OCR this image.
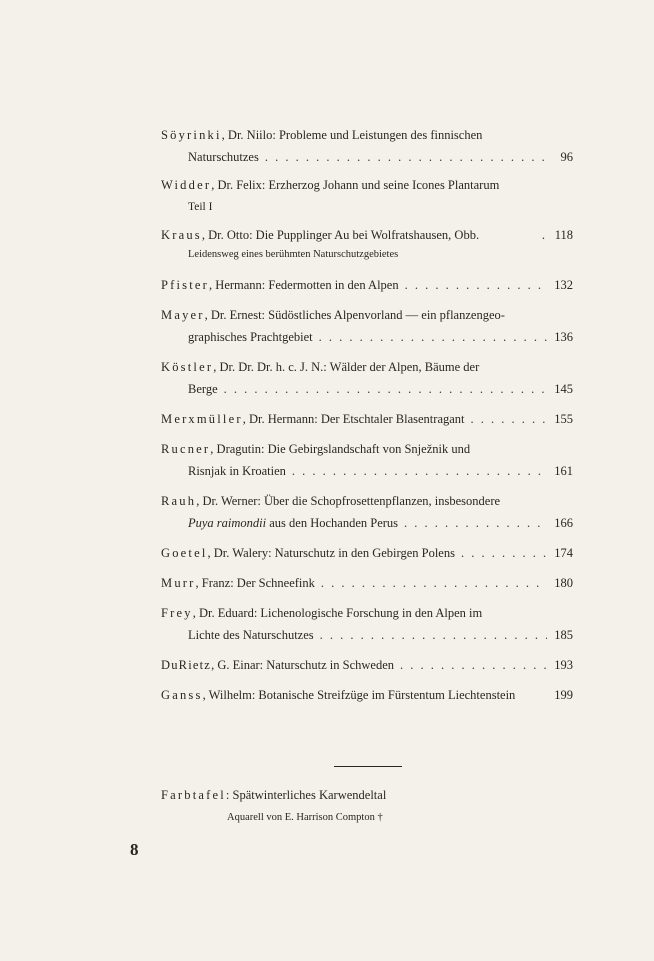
Söyrinki , Dr. Niilo: Probleme und Leistungen des finnischen
Naturschutzes . . .	96
Widder , Dr. Felix: Erzherzog Johann und seine Icones Plantarum
Teil I
Kraus , Dr. Otto: Die Pupplinger Au bei Wolfratshausen, Obb.	. 118
Leidensweg eines berühmten Naturschutzgebietes
Pfister , Hermann: Federmotten in den Alpen . . .	132
Mayer , Dr. Ernest: Südöstliches Alpenvorland — ein pflanzengeo-
graphisches Prachtgebiet . . .	136
Köstler , Dr. Dr. Dr. h. c. J. N.: Wälder der Alpen, Bäume der
Berge . . .	145
Merxmüller , Dr. Hermann: Der Etschtaler Blasentragant . . .	155
Rucner , Dragutin: Die Gebirgslandschaft von Snježnik und
Risnjak in Kroatien . . .	161
Rauh , Dr. Werner: Über die Schopfrosettenpflanzen, insbesondere
Puya raimondii aus den Hochanden Perus . . .	166
Goetel , Dr. Walery: Naturschutz in den Gebirgen Polens . . .	174
Murr , Franz: Der Schneefink . . .	180
Frey , Dr. Eduard: Lichenologische Forschung in den Alpen im
Lichte des Naturschutzes . . .	185
DuRietz , G. Einar: Naturschutz in Schweden . . .	193
Ganss , Wilhelm: Botanische Streifzüge im Fürstentum Liechtenstein	199
Farbtafel: Spätwinterliches Karwendeltal
Aquarell von E. Harrison Compton †
8
